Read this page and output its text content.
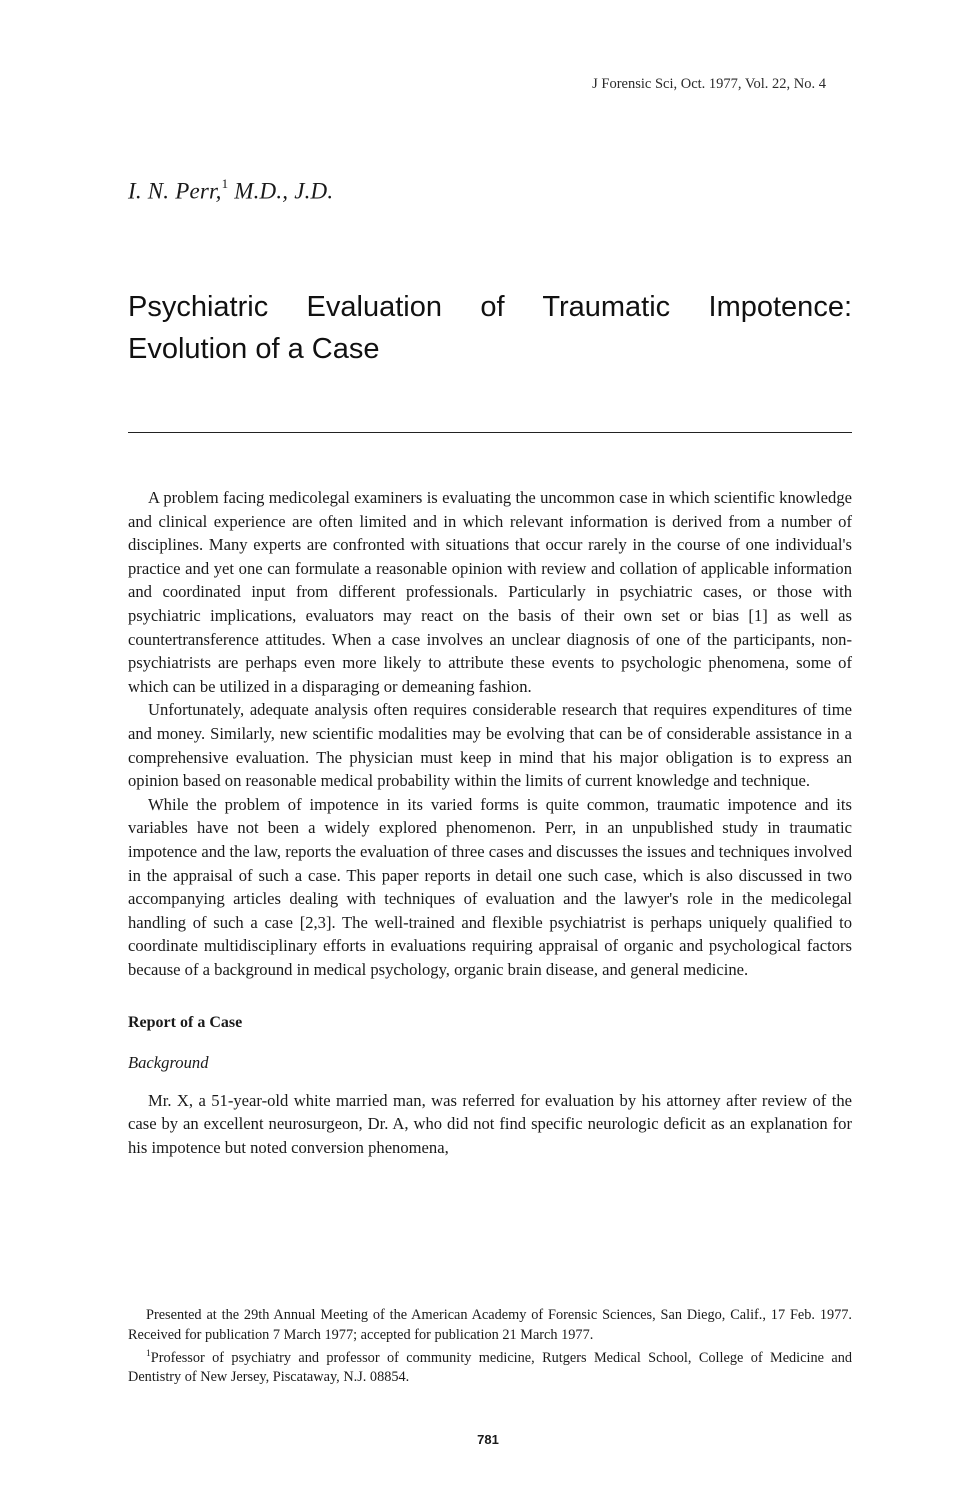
J Forensic Sci, Oct. 1977, Vol. 22, No. 4
I. N. Perr,$^1$ M.D., J.D.
Psychiatric Evaluation of Traumatic Impotence:
Evolution of a Case

A problem facing medicolegal examiners is evaluating the uncommon case in which scientific knowledge and clinical experience are often limited and in which relevant information is derived from a number of disciplines. Many experts are confronted with situations that occur rarely in the course of one individual's practice and yet one can formulate a reasonable opinion with review and collation of applicable information and coordinated input from different professionals. Particularly in psychiatric cases, or those with psychiatric implications, evaluators may react on the basis of their own set or bias [1] as well as countertransference attitudes. When a case involves an unclear diagnosis of one of the participants, non-psychiatrists are perhaps even more likely to attribute these events to psychologic phenomena, some of which can be utilized in a disparaging or demeaning fashion.

Unfortunately, adequate analysis often requires considerable research that requires expenditures of time and money. Similarly, new scientific modalities may be evolving that can be of considerable assistance in a comprehensive evaluation. The physician must keep in mind that his major obligation is to express an opinion based on reasonable medical probability within the limits of current knowledge and technique.

While the problem of impotence in its varied forms is quite common, traumatic impotence and its variables have not been a widely explored phenomenon. Perr, in an unpublished study in traumatic impotence and the law, reports the evaluation of three cases and discusses the issues and techniques involved in the appraisal of such a case. This paper reports in detail one such case, which is also discussed in two accompanying articles dealing with techniques of evaluation and the lawyer's role in the medicolegal handling of such a case [2,3]. The well-trained and flexible psychiatrist is perhaps uniquely qualified to coordinate multidisciplinary efforts in evaluations requiring appraisal of organic and psychological factors because of a background in medical psychology, organic brain disease, and general medicine.

Report of a Case
Background

Mr. X, a 51-year-old white married man, was referred for evaluation by his attorney after review of the case by an excellent neurosurgeon, Dr. A, who did not find specific neurologic deficit as an explanation for his impotence but noted conversion phenomena,

Presented at the 29th Annual Meeting of the American Academy of Forensic Sciences, San Diego, Calif., 17 Feb. 1977. Received for publication 7 March 1977; accepted for publication 21 March 1977.

$^1$Professor of psychiatry and professor of community medicine, Rutgers Medical School, College of Medicine and Dentistry of New Jersey, Piscataway, N.J. 08854.

781
